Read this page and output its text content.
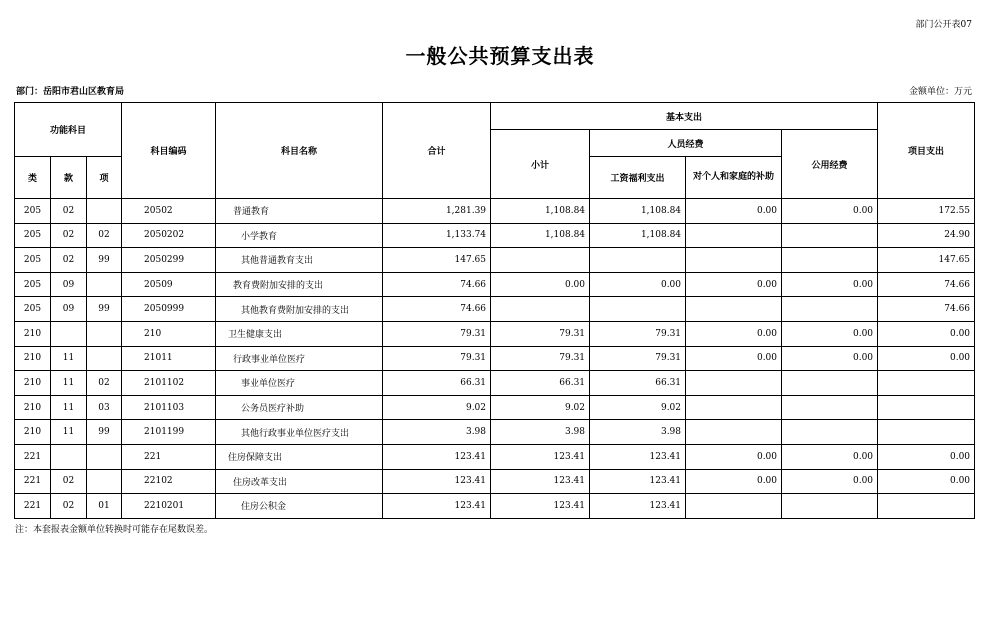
部门公开表07
一般公共预算支出表
部门：岳阳市君山区教育局	金额单位：万元
功能科目			科目编码	科目名称	合计	基本支出				项目支出
						小计	人员经费		公用经费	
类	款	项					工资福利支出	对个人和家庭的补助		
205	02		20502	普通教育	1,281.39	1,108.84	1,108.84	0.00	0.00	172.55
205	02	02	2050202	小学教育	1,133.74	1,108.84	1,108.84			24.90
205	02	99	2050299	其他普通教育支出	147.65					147.65
205	09		20509	教育费附加安排的支出	74.66	0.00	0.00	0.00	0.00	74.66
205	09	99	2050999	其他教育费附加安排的支出	74.66					74.66
210			210	卫生健康支出	79.31	79.31	79.31	0.00	0.00	0.00
210	11		21011	行政事业单位医疗	79.31	79.31	79.31	0.00	0.00	0.00
210	11	02	2101102	事业单位医疗	66.31	66.31	66.31			
210	11	03	2101103	公务员医疗补助	9.02	9.02	9.02			
210	11	99	2101199	其他行政事业单位医疗支出	3.98	3.98	3.98			
221			221	住房保障支出	123.41	123.41	123.41	0.00	0.00	0.00
221	02		22102	住房改革支出	123.41	123.41	123.41	0.00	0.00	0.00
221	02	01	2210201	住房公积金	123.41	123.41	123.41			
注：本套报表金额单位转换时可能存在尾数误差。
